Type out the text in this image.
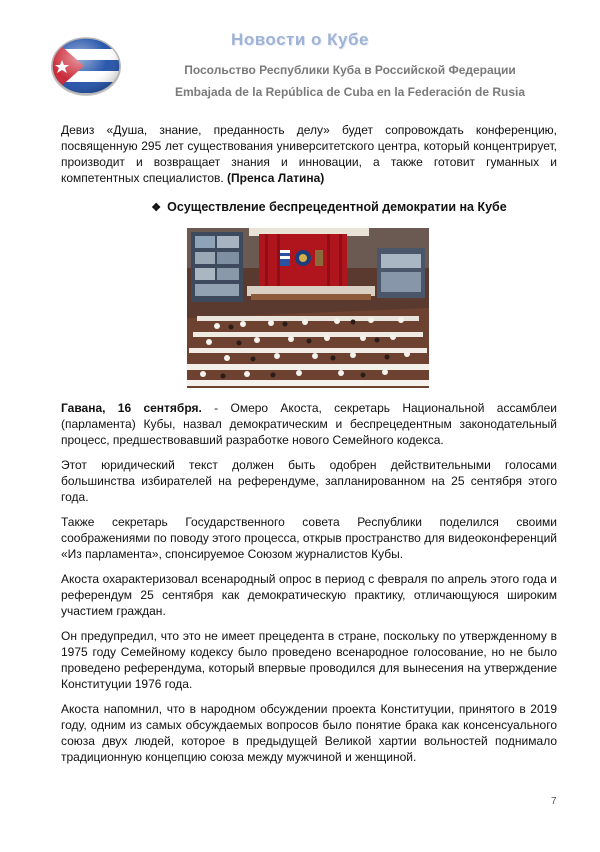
Новости о Кубе
Посольство Республики Куба в Российской Федерации
Embajada de la República de Cuba en la Federación de Rusia

Девиз «Душа, знание, преданность делу» будет сопровождать конференцию, посвященную 295 лет существования университетского центра, который концентрирует, производит и возвращает знания и инновации, а также готовит гуманных и компетентных специалистов. (Пренса Латина)

❖ Осуществление беспрецедентной демократии на Кубе

Гавана, 16 сентября. - Омеро Акоста, секретарь Национальной ассамблеи (парламента) Кубы, назвал демократическим и беспрецедентным законодательный процесс, предшествовавший разработке нового Семейного кодекса.

Этот юридический текст должен быть одобрен действительными голосами большинства избирателей на референдуме, запланированном на 25 сентября этого года.

Также секретарь Государственного совета Республики поделился своими соображениями по поводу этого процесса, открыв пространство для видеоконференций «Из парламента», спонсируемое Союзом журналистов Кубы.

Акоста охарактеризовал всенародный опрос в период с февраля по апрель этого года и референдум 25 сентября как демократическую практику, отличающуюся широким участием граждан.

Он предупредил, что это не имеет прецедента в стране, поскольку по утвержденному в 1975 году Семейному кодексу было проведено всенародное голосование, но не было проведено референдума, который впервые проводился для вынесения на утверждение Конституции 1976 года.

Акоста напомнил, что в народном обсуждении проекта Конституции, принятого в 2019 году, одним из самых обсуждаемых вопросов было понятие брака как консенсуального союза двух людей, которое в предыдущей Великой хартии вольностей поднимало традиционную концепцию союза между мужчиной и женщиной.

7
